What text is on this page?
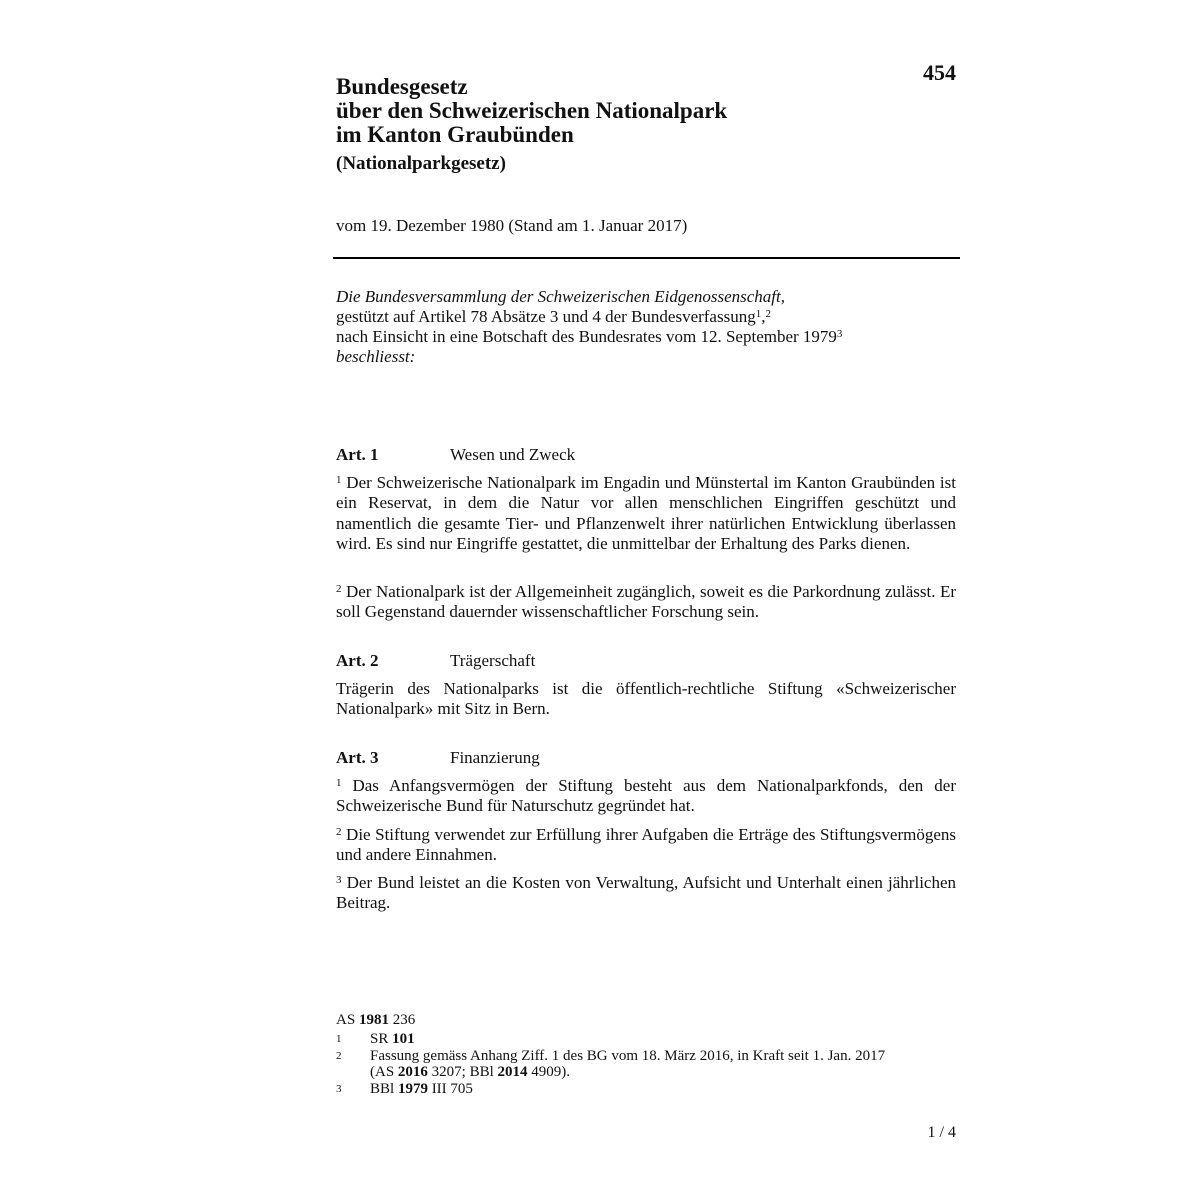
454
Bundesgesetz
über den Schweizerischen Nationalpark
im Kanton Graubünden
(Nationalparkgesetz)
vom 19. Dezember 1980 (Stand am 1. Januar 2017)
Die Bundesversammlung der Schweizerischen Eidgenossenschaft,
gestützt auf Artikel 78 Absätze 3 und 4 der Bundesverfassung$^1$,$^2$
nach Einsicht in eine Botschaft des Bundesrates vom 12. September 1979$^3$
beschliesst:
Art. 1	Wesen und Zweck
$^1$ Der Schweizerische Nationalpark im Engadin und Münstertal im Kanton Graubünden ist ein Reservat, in dem die Natur vor allen menschlichen Eingriffen geschützt und namentlich die gesamte Tier- und Pflanzenwelt ihrer natürlichen Entwicklung überlassen wird. Es sind nur Eingriffe gestattet, die unmittelbar der Erhaltung des Parks dienen.
$^2$ Der Nationalpark ist der Allgemeinheit zugänglich, soweit es die Parkordnung zulässt. Er soll Gegenstand dauernder wissenschaftlicher Forschung sein.
Art. 2	Trägerschaft
Trägerin des Nationalparks ist die öffentlich-rechtliche Stiftung «Schweizerischer Nationalpark» mit Sitz in Bern.
Art. 3	Finanzierung
$^1$ Das Anfangsvermögen der Stiftung besteht aus dem Nationalparkfonds, den der Schweizerische Bund für Naturschutz gegründet hat.
$^2$ Die Stiftung verwendet zur Erfüllung ihrer Aufgaben die Erträge des Stiftungsvermögens und andere Einnahmen.
$^3$ Der Bund leistet an die Kosten von Verwaltung, Aufsicht und Unterhalt einen jährlichen Beitrag.
AS 1981 236
1 SR 101
2 Fassung gemäss Anhang Ziff. 1 des BG vom 18. März 2016, in Kraft seit 1. Jan. 2017
(AS 2016 3207; BBl 2014 4909).
3 BBl 1979 III 705
1 / 4
